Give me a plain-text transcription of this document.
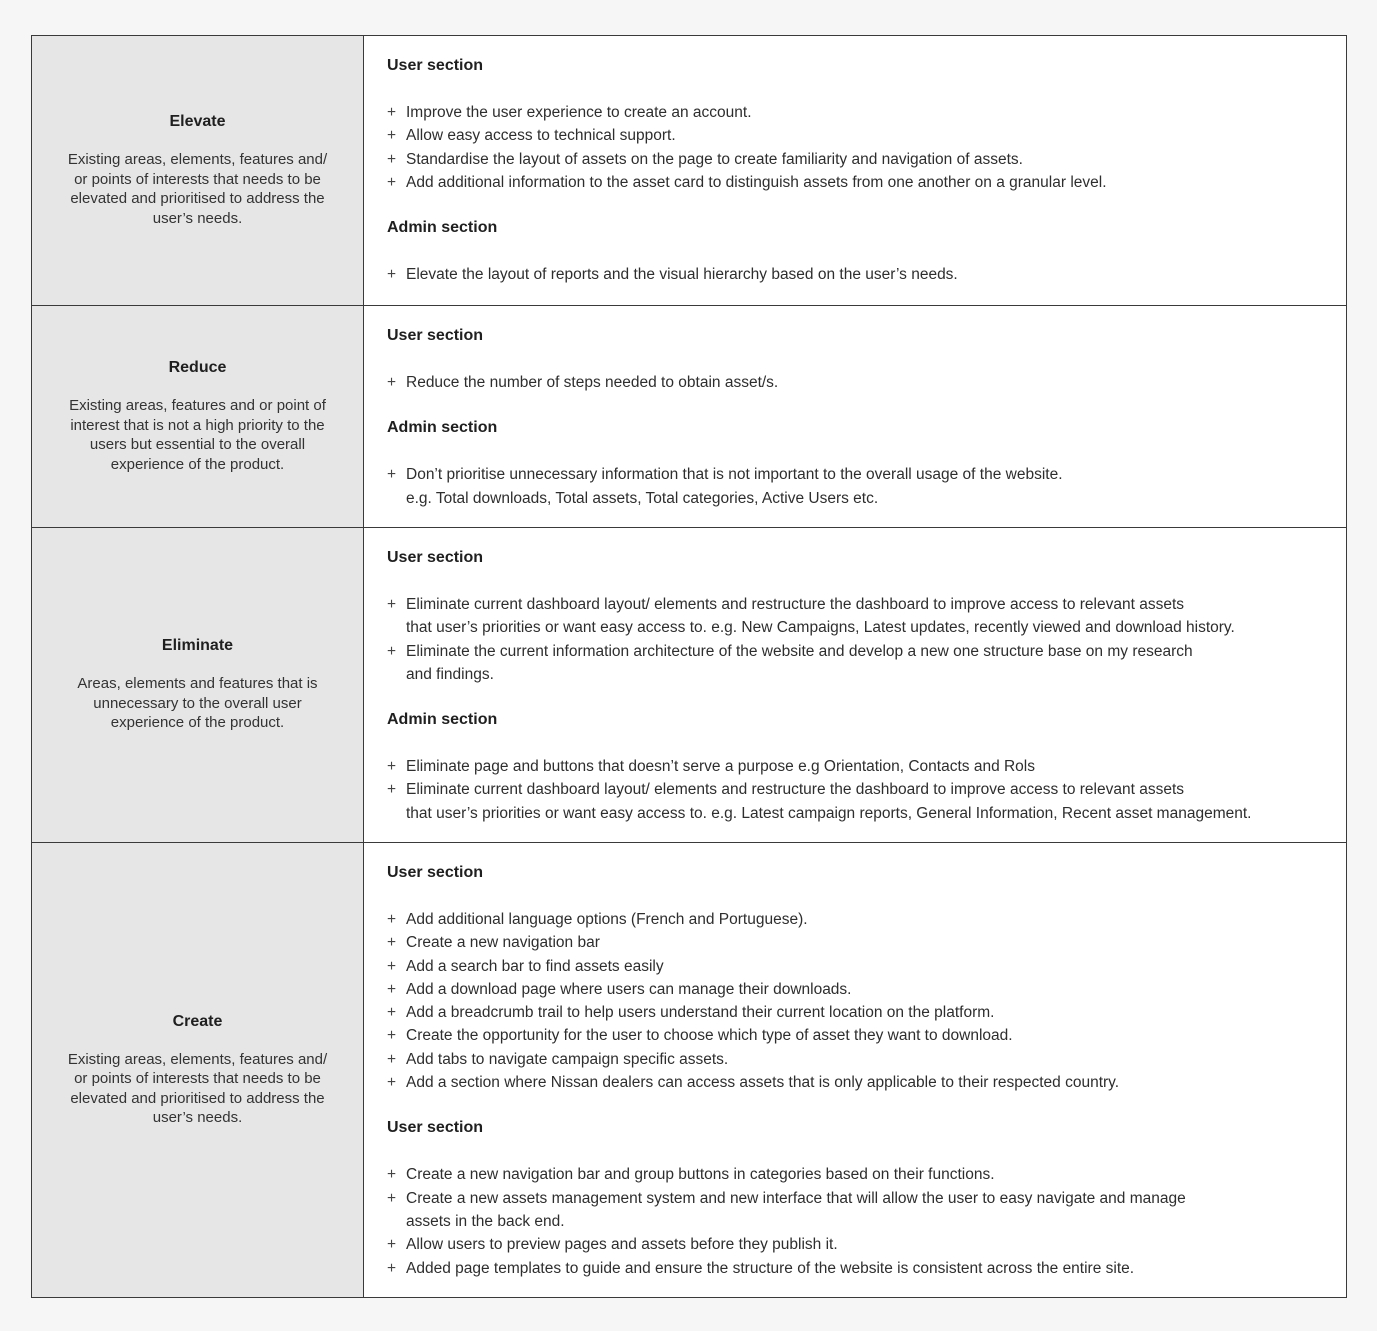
Elevate
Existing areas, elements, features and/
or points of interests that needs to be
elevated and prioritised to address the
user’s needs.
User section
+ Improve the user experience to create an account.
+ Allow easy access to technical support.
+ Standardise the layout of assets on the page to create familiarity and navigation of assets.
+ Add additional information to the asset card to distinguish assets from one another on a granular level.
Admin section
+ Elevate the layout of reports and the visual hierarchy based on the user’s needs.
Reduce
Existing areas, features and or point of
interest that is not a high priority to the
users but essential to the overall
experience of the product.
User section
+ Reduce the number of steps needed to obtain asset/s.
Admin section
+ Don’t prioritise unnecessary information that is not important to the overall usage of the website.
e.g. Total downloads, Total assets, Total categories, Active Users etc.
Eliminate
Areas, elements and features that is
unnecessary to the overall user
experience of the product.
User section
+ Eliminate current dashboard layout/ elements and restructure the dashboard to improve access to relevant assets
that user’s priorities or want easy access to. e.g. New Campaigns, Latest updates, recently viewed and download history.
+ Eliminate the current information architecture of the website and develop a new one structure base on my research
and findings.
Admin section
+ Eliminate page and buttons that doesn’t serve a purpose e.g Orientation, Contacts and Rols
+ Eliminate current dashboard layout/ elements and restructure the dashboard to improve access to relevant assets
that user’s priorities or want easy access to. e.g. Latest campaign reports, General Information, Recent asset management.
Create
Existing areas, elements, features and/
or points of interests that needs to be
elevated and prioritised to address the
user’s needs.
User section
+ Add additional language options (French and Portuguese).
+ Create a new navigation bar
+ Add a search bar to find assets easily
+ Add a download page where users can manage their downloads.
+ Add a breadcrumb trail to help users understand their current location on the platform.
+ Create the opportunity for the user to choose which type of asset they want to download.
+ Add tabs to navigate campaign specific assets.
+ Add a section where Nissan dealers can access assets that is only applicable to their respected country.
User section
+ Create a new navigation bar and group buttons in categories based on their functions.
+ Create a new assets management system and new interface that will allow the user to easy navigate and manage
assets in the back end.
+ Allow users to preview pages and assets before they publish it.
+ Added page templates to guide and ensure the structure of the website is consistent across the entire site.
